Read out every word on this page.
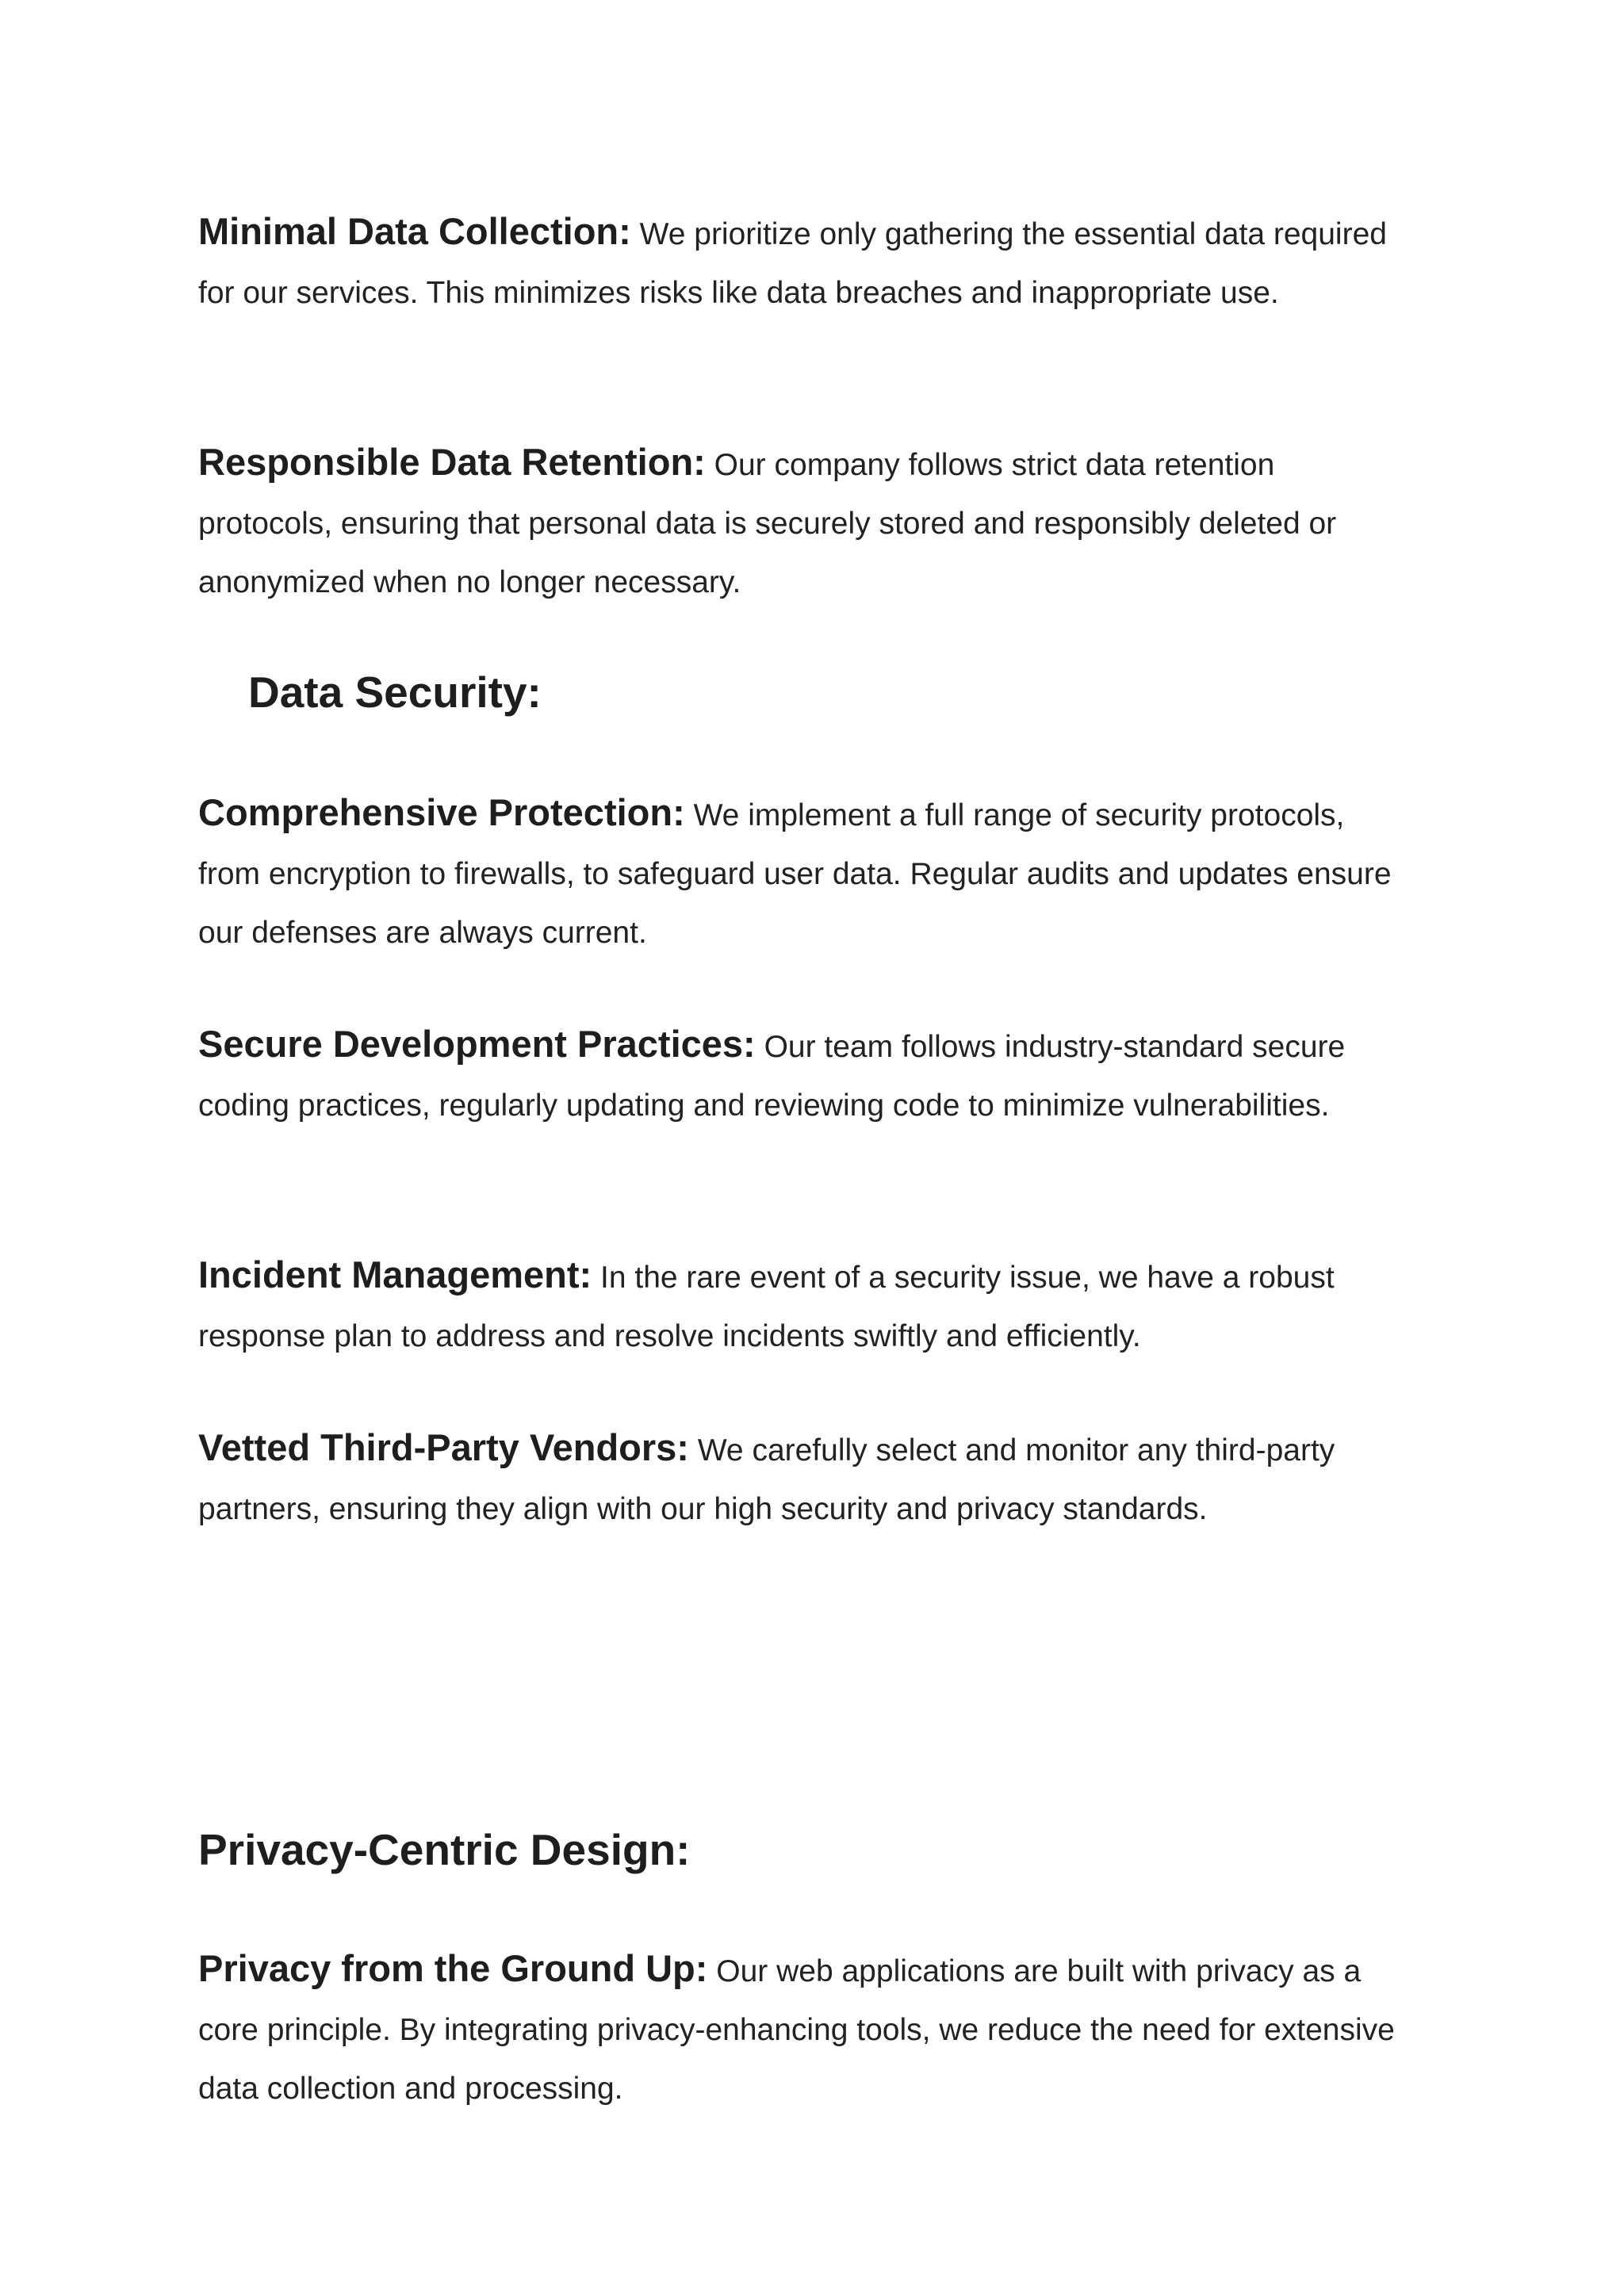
Minimal Data Collection: We prioritize only gathering the essential data required for our services. This minimizes risks like data breaches and inappropriate use.

Responsible Data Retention: Our company follows strict data retention protocols, ensuring that personal data is securely stored and responsibly deleted or anonymized when no longer necessary.

Data Security:

Comprehensive Protection: We implement a full range of security protocols, from encryption to firewalls, to safeguard user data. Regular audits and updates ensure our defenses are always current.

Secure Development Practices: Our team follows industry-standard secure coding practices, regularly updating and reviewing code to minimize vulnerabilities.

Incident Management: In the rare event of a security issue, we have a robust response plan to address and resolve incidents swiftly and efficiently.

Vetted Third-Party Vendors: We carefully select and monitor any third-party partners, ensuring they align with our high security and privacy standards.

Privacy-Centric Design:

Privacy from the Ground Up: Our web applications are built with privacy as a core principle. By integrating privacy-enhancing tools, we reduce the need for extensive data collection and processing.
